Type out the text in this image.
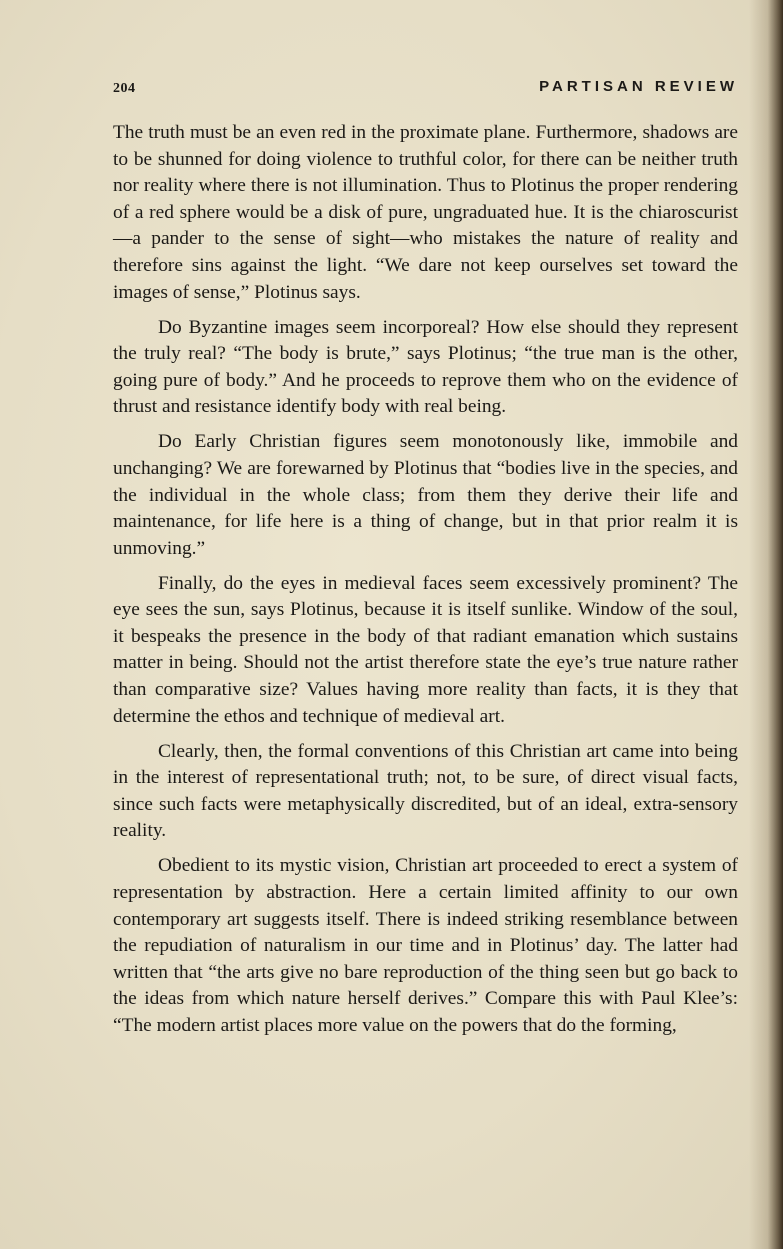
204	PARTISAN REVIEW

The truth must be an even red in the proximate plane. Furthermore, shadows are to be shunned for doing violence to truthful color, for there can be neither truth nor reality where there is not illumination. Thus to Plotinus the proper rendering of a red sphere would be a disk of pure, ungraduated hue. It is the chiaroscurist—a pander to the sense of sight—who mistakes the nature of reality and therefore sins against the light. “We dare not keep ourselves set toward the images of sense,” Plotinus says.

Do Byzantine images seem incorporeal? How else should they represent the truly real? “The body is brute,” says Plotinus; “the true man is the other, going pure of body.” And he proceeds to reprove them who on the evidence of thrust and resistance identify body with real being.

Do Early Christian figures seem monotonously like, immobile and unchanging? We are forewarned by Plotinus that “bodies live in the species, and the individual in the whole class; from them they derive their life and maintenance, for life here is a thing of change, but in that prior realm it is unmoving.”

Finally, do the eyes in medieval faces seem excessively prominent? The eye sees the sun, says Plotinus, because it is itself sunlike. Window of the soul, it bespeaks the presence in the body of that radiant emanation which sustains matter in being. Should not the artist therefore state the eye’s true nature rather than comparative size? Values having more reality than facts, it is they that determine the ethos and technique of medieval art.

Clearly, then, the formal conventions of this Christian art came into being in the interest of representational truth; not, to be sure, of direct visual facts, since such facts were metaphysically discredited, but of an ideal, extra-sensory reality.

Obedient to its mystic vision, Christian art proceeded to erect a system of representation by abstraction. Here a certain limited affinity to our own contemporary art suggests itself. There is indeed striking resemblance between the repudiation of naturalism in our time and in Plotinus’ day. The latter had written that “the arts give no bare reproduction of the thing seen but go back to the ideas from which nature herself derives.” Compare this with Paul Klee’s: “The modern artist places more value on the powers that do the forming,
